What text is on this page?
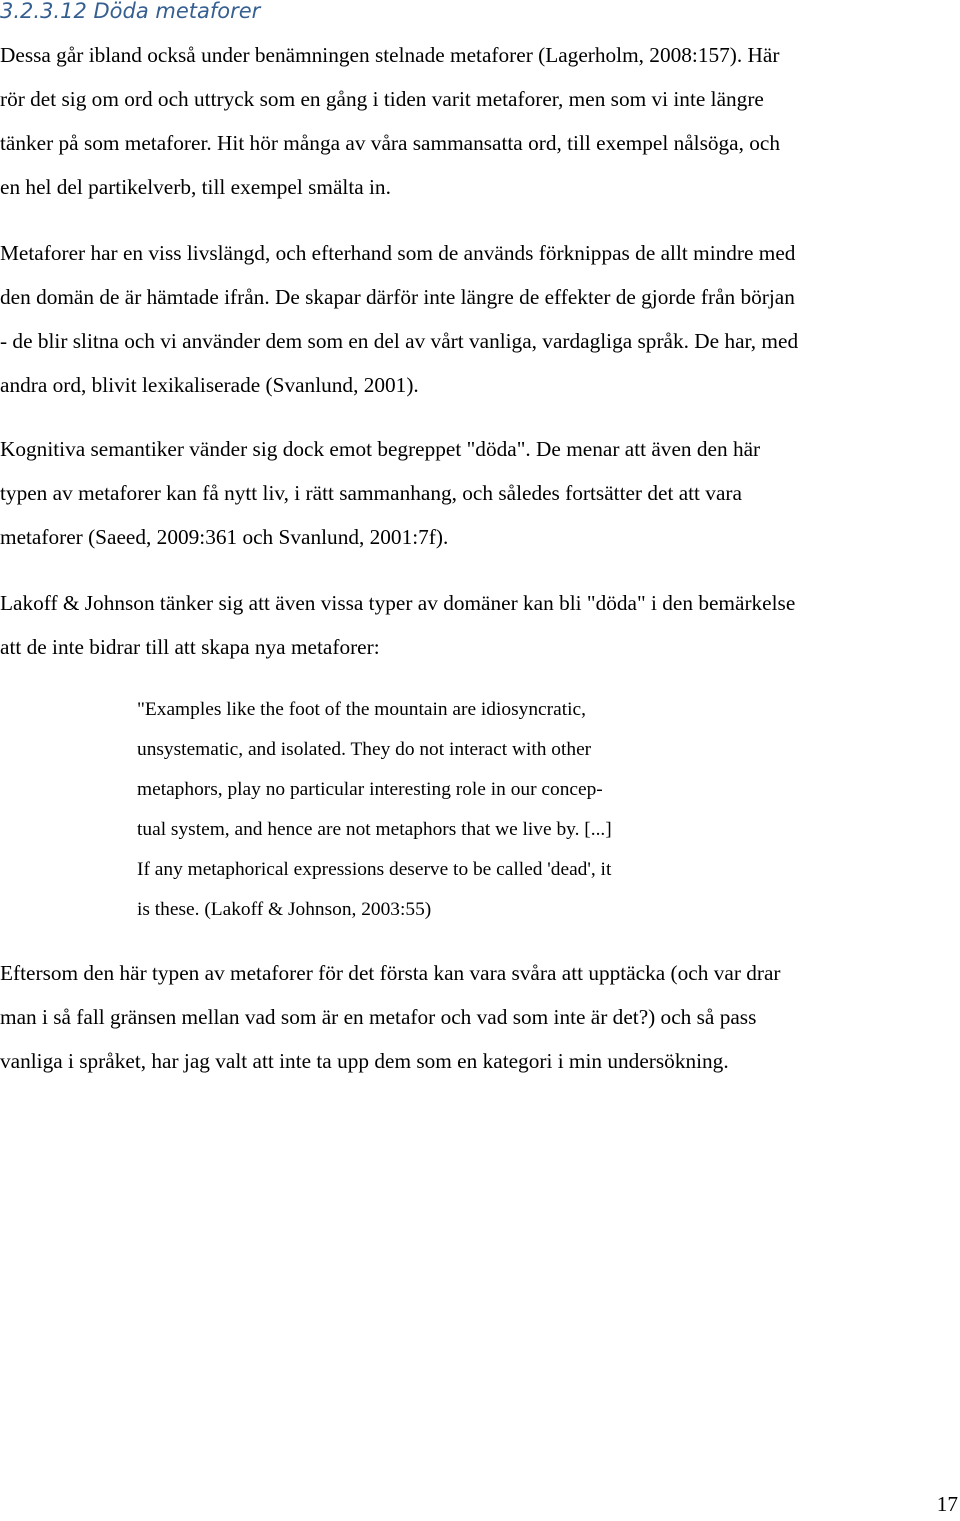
3.2.3.12 Döda metaforer

Dessa går ibland också under benämningen stelnade metaforer (Lagerholm, 2008:157). Här

rör det sig om ord och uttryck som en gång i tiden varit metaforer, men som vi inte längre

tänker på som metaforer. Hit hör många av våra sammansatta ord, till exempel nålsöga, och

en hel del partikelverb, till exempel smälta in.

Metaforer har en viss livslängd, och efterhand som de används förknippas de allt mindre med

den domän de är hämtade ifrån. De skapar därför inte längre de effekter de gjorde från början

- de blir slitna och vi använder dem som en del av vårt vanliga, vardagliga språk. De har, med

andra ord, blivit lexikaliserade (Svanlund, 2001).

Kognitiva semantiker vänder sig dock emot begreppet "döda". De menar att även den här

typen av metaforer kan få nytt liv, i rätt sammanhang, och således fortsätter det att vara

metaforer (Saeed, 2009:361 och Svanlund, 2001:7f).

Lakoff & Johnson tänker sig att även vissa typer av domäner kan bli "döda" i den bemärkelse

att de inte bidrar till att skapa nya metaforer:

"Examples like the foot of the mountain are idiosyncratic,

unsystematic, and isolated. They do not interact with other

metaphors, play no particular interesting role in our concep-

tual system, and hence are not metaphors that we live by. [...]

If any metaphorical expressions deserve to be called 'dead', it

is these. (Lakoff & Johnson, 2003:55)

Eftersom den här typen av metaforer för det första kan vara svåra att upptäcka (och var drar

man i så fall gränsen mellan vad som är en metafor och vad som inte är det?) och så pass

vanliga i språket, har jag valt att inte ta upp dem som en kategori i min undersökning.

17
